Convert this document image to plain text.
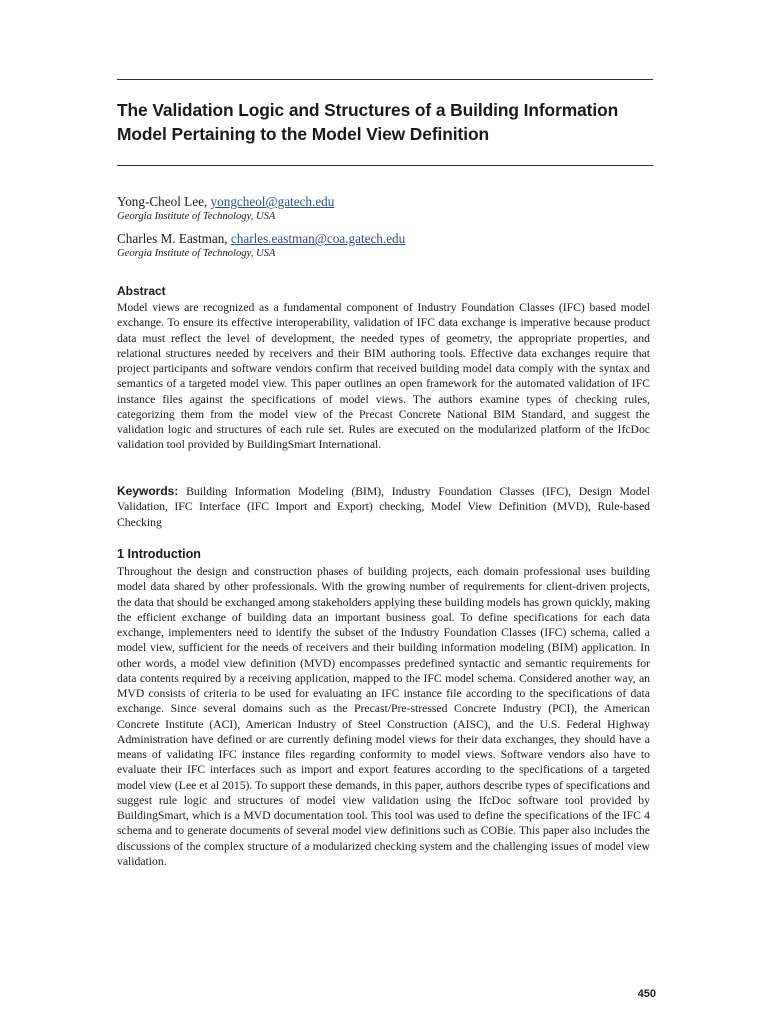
The Validation Logic and Structures of a Building Information Model Pertaining to the Model View Definition
Yong-Cheol Lee, yongcheol@gatech.edu
Georgia Institute of Technology, USA
Charles M. Eastman, charles.eastman@coa.gatech.edu
Georgia Institute of Technology, USA
Abstract

Model views are recognized as a fundamental component of Industry Foundation Classes (IFC) based model exchange. To ensure its effective interoperability, validation of IFC data exchange is imperative because product data must reflect the level of development, the needed types of geometry, the appropriate properties, and relational structures needed by receivers and their BIM authoring tools. Effective data exchanges require that project participants and software vendors confirm that received building model data comply with the syntax and semantics of a targeted model view. This paper outlines an open framework for the automated validation of IFC instance files against the specifications of model views. The authors examine types of checking rules, categorizing them from the model view of the Precast Concrete National BIM Standard, and suggest the validation logic and structures of each rule set. Rules are executed on the modularized platform of the IfcDoc validation tool provided by BuildingSmart International.

Keywords: Building Information Modeling (BIM), Industry Foundation Classes (IFC), Design Model Validation, IFC Interface (IFC Import and Export) checking, Model View Definition (MVD), Rule-based Checking

1 Introduction

Throughout the design and construction phases of building projects, each domain professional uses building model data shared by other professionals. With the growing number of requirements for client-driven projects, the data that should be exchanged among stakeholders applying these building models has grown quickly, making the efficient exchange of building data an important business goal. To define specifications for each data exchange, implementers need to identify the subset of the Industry Foundation Classes (IFC) schema, called a model view, sufficient for the needs of receivers and their building information modeling (BIM) application. In other words, a model view definition (MVD) encompasses predefined syntactic and semantic requirements for data contents required by a receiving application, mapped to the IFC model schema. Considered another way, an MVD consists of criteria to be used for evaluating an IFC instance file according to the specifications of data exchange. Since several domains such as the Precast/Pre-stressed Concrete Industry (PCI), the American Concrete Institute (ACI), American Industry of Steel Construction (AISC), and the U.S. Federal Highway Administration have defined or are currently defining model views for their data exchanges, they should have a means of validating IFC instance files regarding conformity to model views. Software vendors also have to evaluate their IFC interfaces such as import and export features according to the specifications of a targeted model view (Lee et al 2015). To support these demands, in this paper, authors describe types of specifications and suggest rule logic and structures of model view validation using the IfcDoc software tool provided by BuildingSmart, which is a MVD documentation tool. This tool was used to define the specifications of the IFC 4 schema and to generate documents of several model view definitions such as COBie. This paper also includes the discussions of the complex structure of a modularized checking system and the challenging issues of model view validation.

450
